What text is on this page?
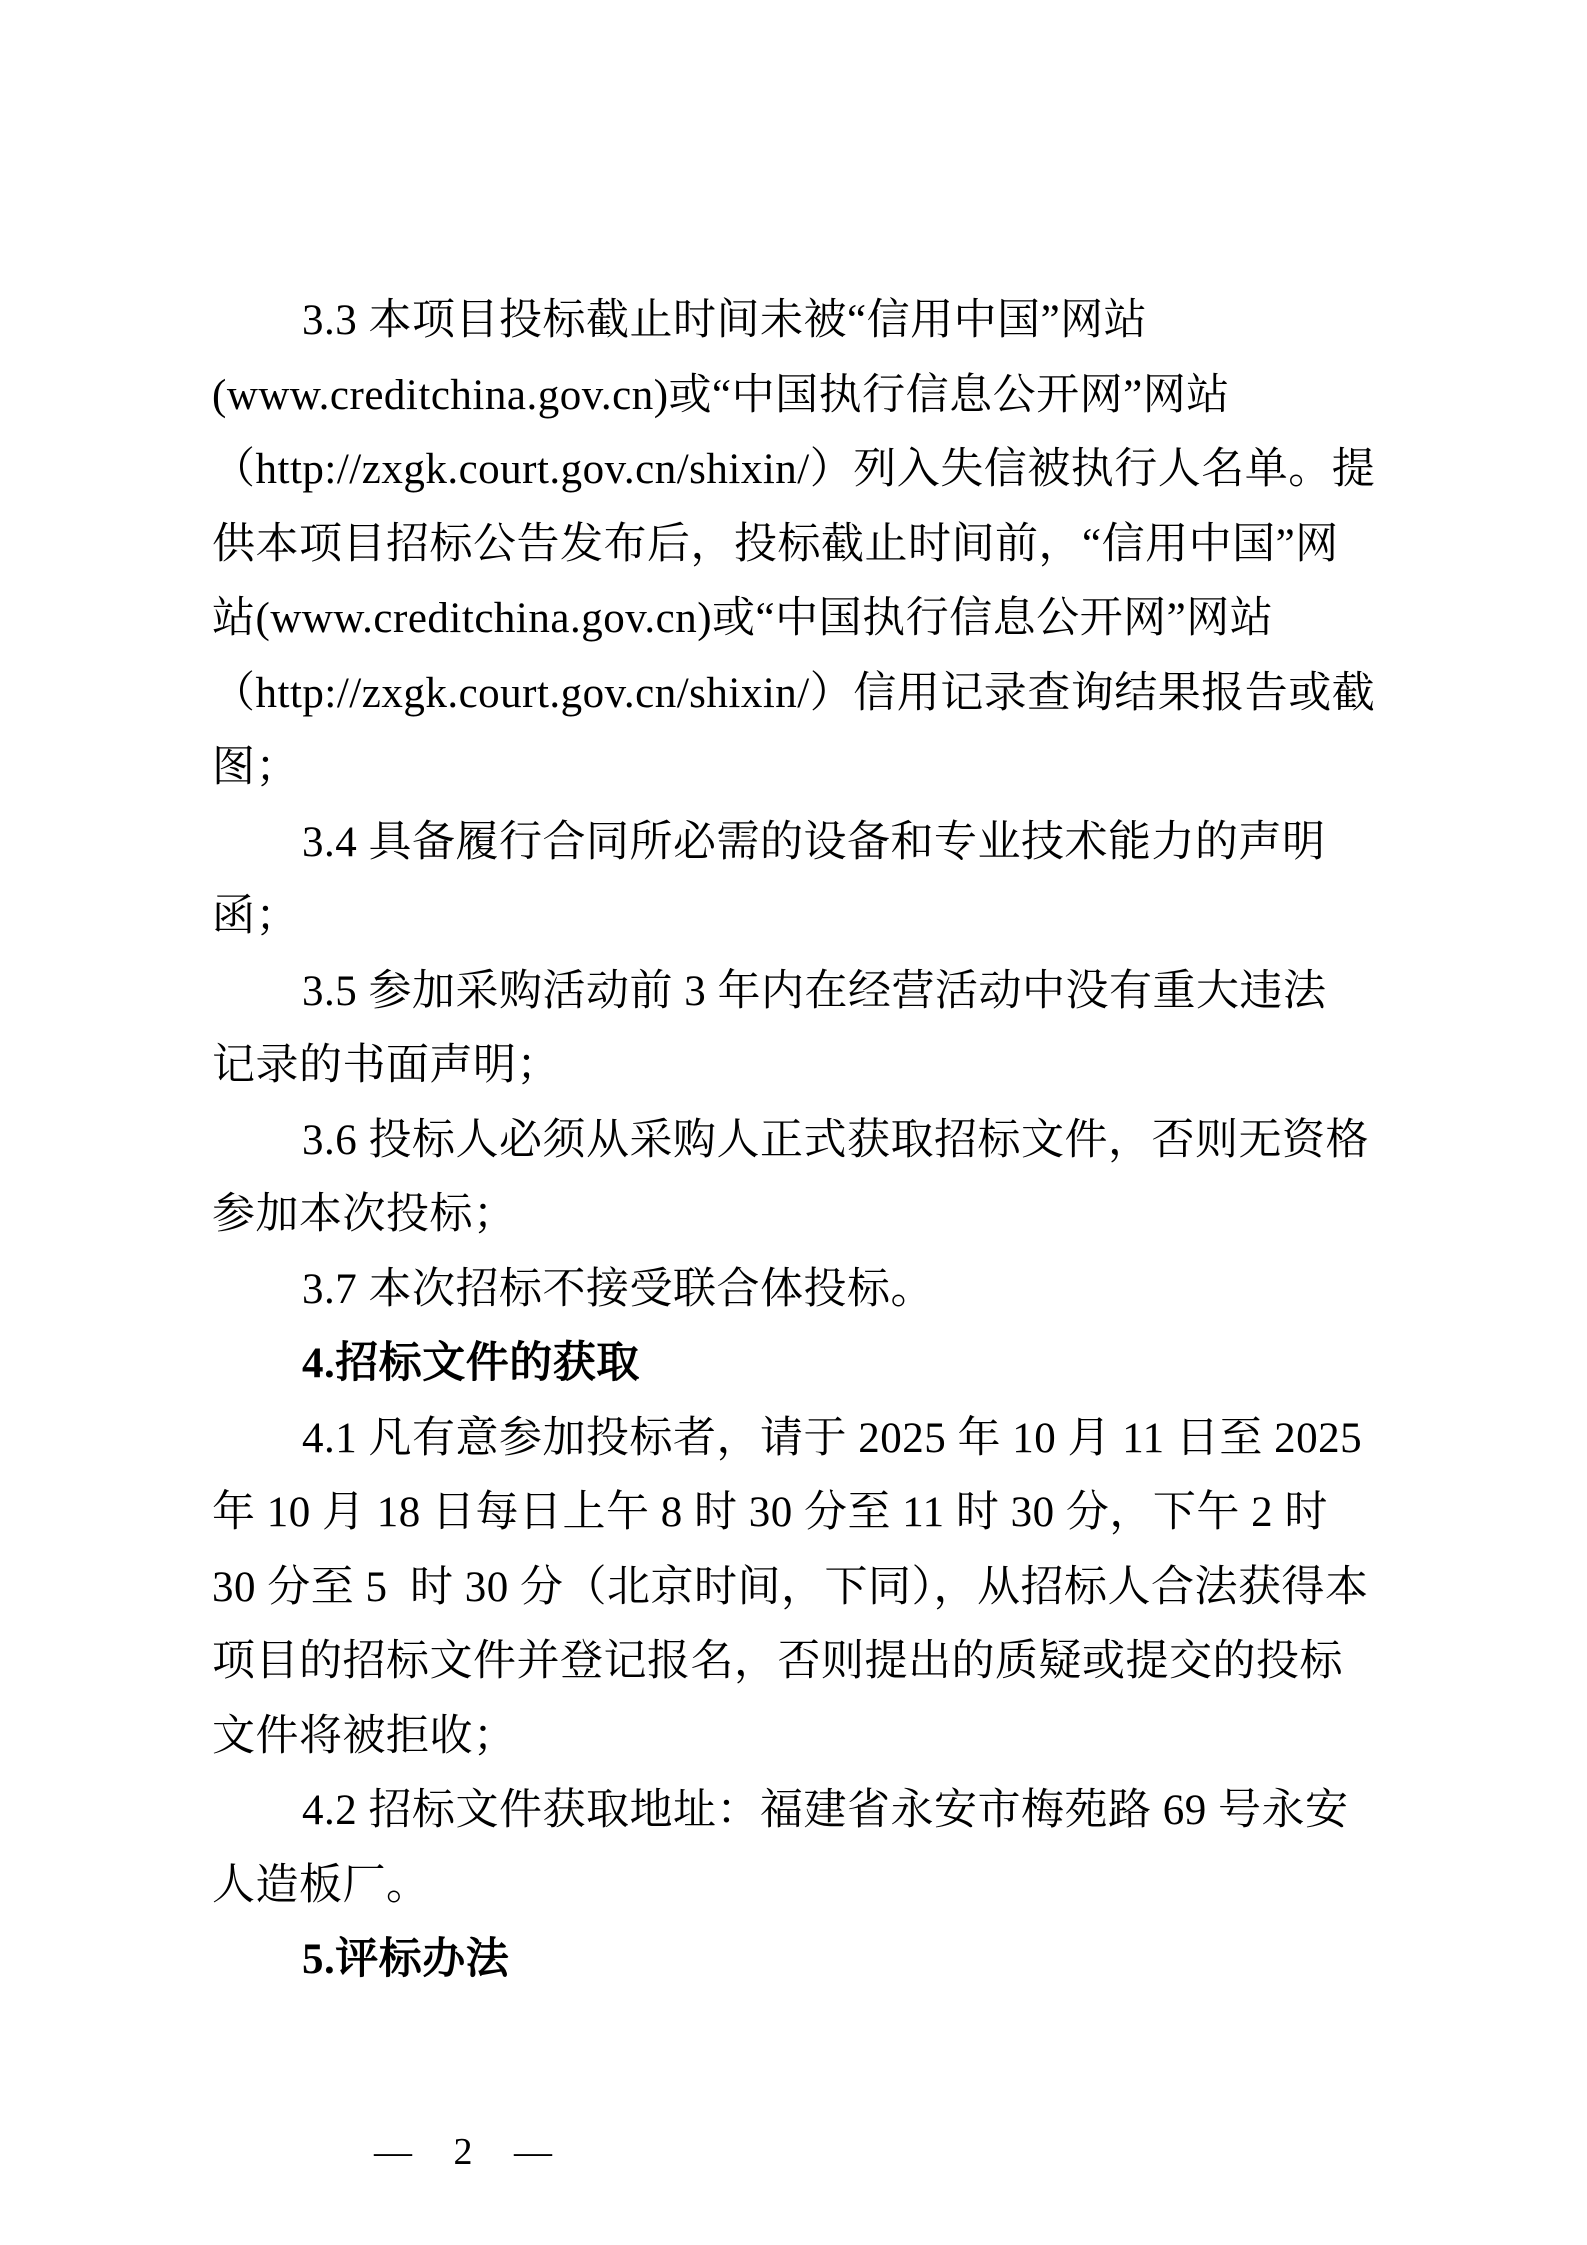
3.3 本项目投标截止时间未被“信用中国”网站
(www.creditchina.gov.cn)或“中国执行信息公开网”网站
（http://zxgk.court.gov.cn/shixin/）列入失信被执行人名单。提
供本项目招标公告发布后，投标截止时间前，“信用中国”网
站(www.creditchina.gov.cn)或“中国执行信息公开网”网站
（http://zxgk.court.gov.cn/shixin/）信用记录查询结果报告或截
图；
3.4 具备履行合同所必需的设备和专业技术能力的声明
函；
3.5 参加采购活动前 3 年内在经营活动中没有重大违法
记录的书面声明；
3.6 投标人必须从采购人正式获取招标文件，否则无资格
参加本次投标；
3.7 本次招标不接受联合体投标。
4.招标文件的获取
4.1 凡有意参加投标者，请于 2025 年 10 月 11 日至 2025
年 10 月 18 日每日上午 8 时 30 分至 11 时 30 分，下午 2 时
30 分至 5  时 30 分（北京时间，下同），从招标人合法获得本
项目的招标文件并登记报名，否则提出的质疑或提交的投标
文件将被拒收；
4.2 招标文件获取地址：福建省永安市梅苑路 69 号永安
人造板厂。
5.评标办法

— 2 —
